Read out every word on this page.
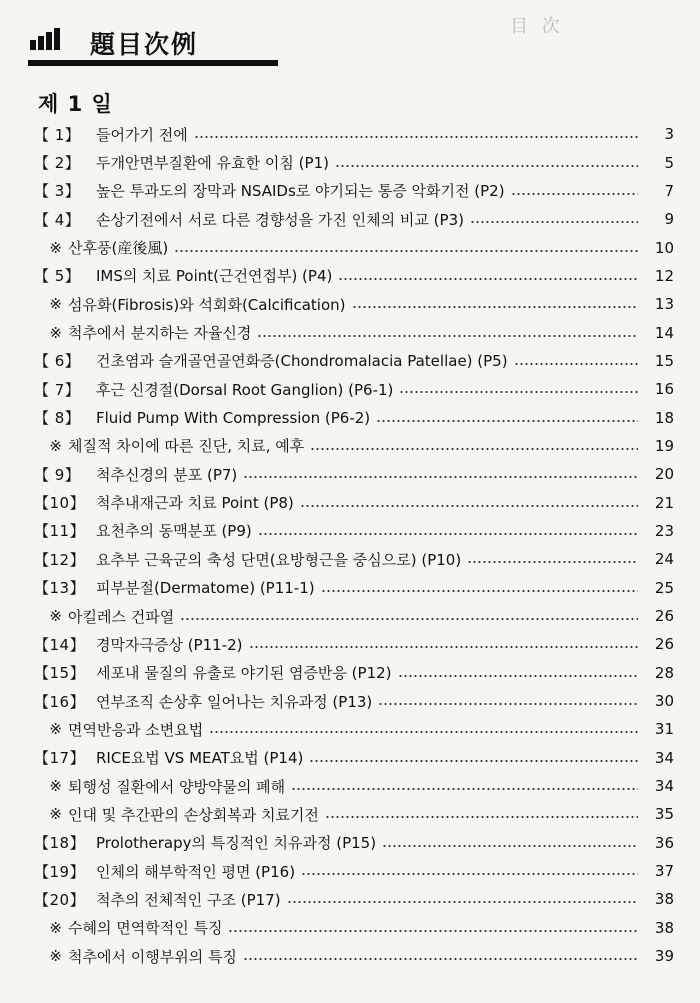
題目次例
目 次
제 1 일
【 1】	들어가기 전에	3
【 2】	두개안면부질환에 유효한 이침 (P1)	5
【 3】	높은 투과도의 장막과 NSAIDs로 야기되는 통증 악화기전 (P2)	7
【 4】	손상기전에서 서로 다른 경향성을 가진 인체의 비교 (P3)	9
※ 산후풍(産後風)	10
【 5】	IMS의 치료 Point(근건연접부) (P4)	12
※ 섬유화(Fibrosis)와 석회화(Calcification)	13
※ 척추에서 분지하는 자율신경	14
【 6】	건초염과 슬개골연골연화증(Chondromalacia Patellae) (P5)	15
【 7】	후근 신경절(Dorsal Root Ganglion) (P6-1)	16
【 8】	Fluid Pump With Compression (P6-2)	18
※ 체질적 차이에 따른 진단, 치료, 예후	19
【 9】	척추신경의 분포 (P7)	20
【10】 척추내재근과 치료 Point (P8)	21
【11】 요천추의 동맥분포 (P9)	23
【12】 요추부 근육군의 축성 단면(요방형근을 중심으로) (P10)	24
【13】 피부분절(Dermatome) (P11-1)	25
※ 아킬레스 건파열	26
【14】 경막자극증상 (P11-2)	26
【15】 세포내 물질의 유출로 야기된 염증반응 (P12)	28
【16】 연부조직 손상후 일어나는 치유과정 (P13)	30
※ 면역반응과 소변요법	31
【17】 RICE요법 VS MEAT요법 (P14)	34
※ 퇴행성 질환에서 양방약물의 폐해	34
※ 인대 및 추간판의 손상회복과 치료기전	35
【18】 Prolotherapy의 특징적인 치유과정 (P15)	36
【19】 인체의 해부학적인 평면 (P16)	37
【20】 척추의 전체적인 구조 (P17)	38
※ 수혜의 면역학적인 특징	38
※ 척추에서 이행부위의 특징	39
